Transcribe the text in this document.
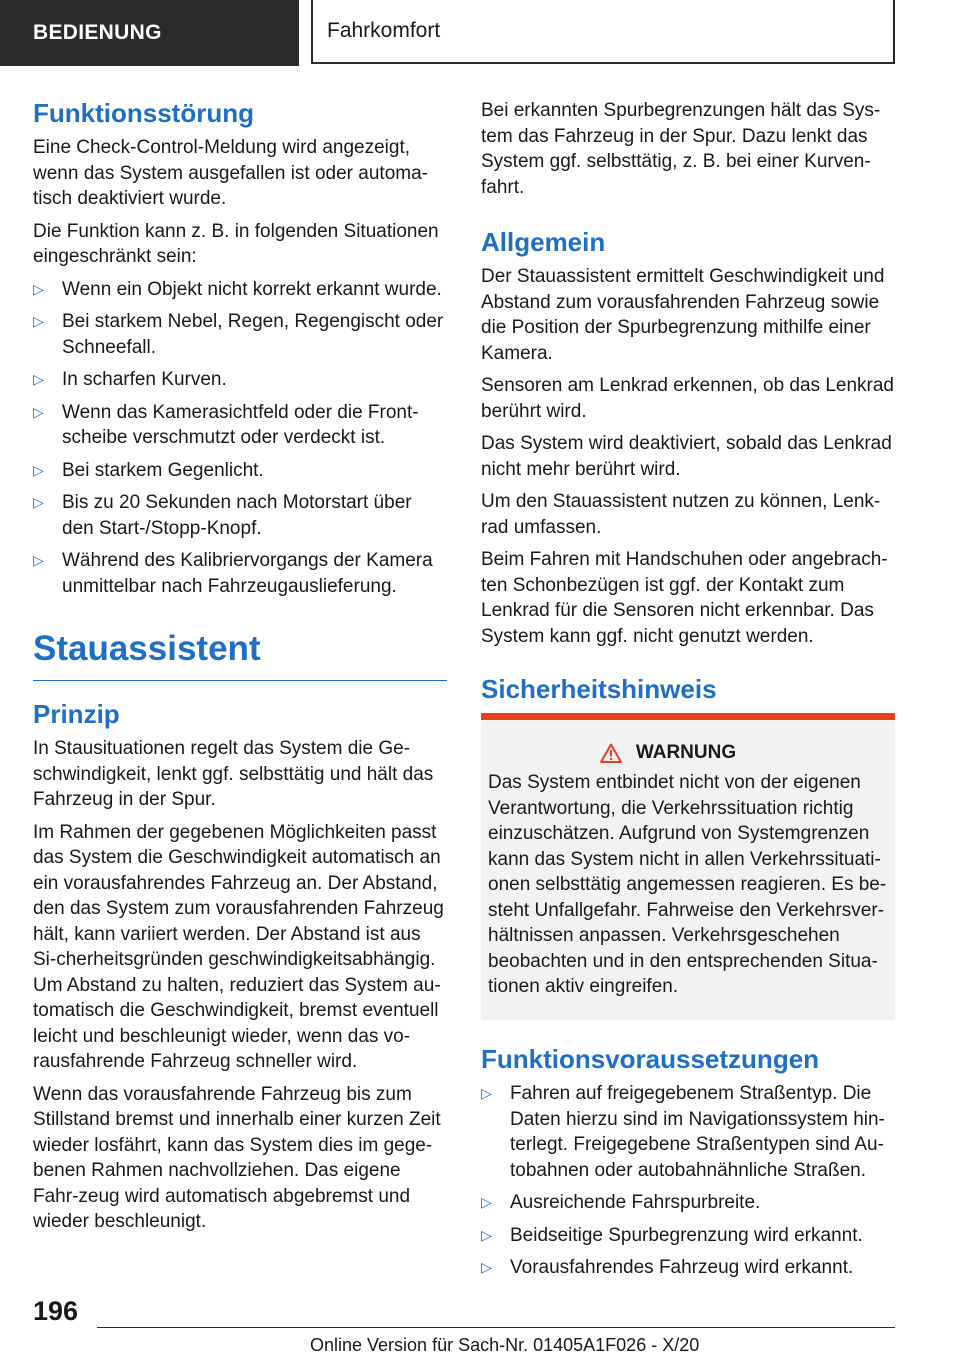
BEDIENUNG	Fahrkomfort
Funktionsstörung

Eine Check-Control-Meldung wird angezeigt, wenn das System ausgefallen ist oder automa-tisch deaktiviert wurde.

Die Funktion kann z. B. in folgenden Situationen eingeschränkt sein:

▷ Wenn ein Objekt nicht korrekt erkannt wurde.
▷ Bei starkem Nebel, Regen, Regengischt oder Schneefall.
▷ In scharfen Kurven.
▷ Wenn das Kamerasichtfeld oder die Front-scheibe verschmutzt oder verdeckt ist.
▷ Bei starkem Gegenlicht.
▷ Bis zu 20 Sekunden nach Motorstart über den Start-/Stopp-Knopf.
▷ Während des Kalibriervorgangs der Kamera unmittelbar nach Fahrzeugauslieferung.
Stauassistent
Prinzip

In Stausituationen regelt das System die Ge-schwindigkeit, lenkt ggf. selbsttätig und hält das Fahrzeug in der Spur.

Im Rahmen der gegebenen Möglichkeiten passt das System die Geschwindigkeit automatisch an ein vorausfahrendes Fahrzeug an. Der Abstand, den das System zum vorausfahrenden Fahrzeug hält, kann variiert werden. Der Abstand ist aus Si-cherheitsgründen geschwindigkeitsabhängig. Um Abstand zu halten, reduziert das System au-tomatisch die Geschwindigkeit, bremst eventuell leicht und beschleunigt wieder, wenn das vo-rausfahrende Fahrzeug schneller wird.

Wenn das vorausfahrende Fahrzeug bis zum Stillstand bremst und innerhalb einer kurzen Zeit wieder losfährt, kann das System dies im gege-benen Rahmen nachvollziehen. Das eigene Fahr-zeug wird automatisch abgebremst und wieder beschleunigt.

Bei erkannten Spurbegrenzungen hält das Sys-tem das Fahrzeug in der Spur. Dazu lenkt das System ggf. selbsttätig, z. B. bei einer Kurven-fahrt.

Allgemein

Der Stauassistent ermittelt Geschwindigkeit und Abstand zum vorausfahrenden Fahrzeug sowie die Position der Spurbegrenzung mithilfe einer Kamera.

Sensoren am Lenkrad erkennen, ob das Lenkrad berührt wird.

Das System wird deaktiviert, sobald das Lenkrad nicht mehr berührt wird.

Um den Stauassistent nutzen zu können, Lenk-rad umfassen.

Beim Fahren mit Handschuhen oder angebrach-ten Schonbezügen ist ggf. der Kontakt zum Lenkrad für die Sensoren nicht erkennbar. Das System kann ggf. nicht genutzt werden.

Sicherheitshinweis
WARNUNG

Das System entbindet nicht von der eigenen Verantwortung, die Verkehrssituation richtig einzuschätzen. Aufgrund von Systemgrenzen kann das System nicht in allen Verkehrssituati-onen selbsttätig angemessen reagieren. Es be-steht Unfallgefahr. Fahrweise den Verkehrsver-hältnissen anpassen. Verkehrsgeschehen beobachten und in den entsprechenden Situa-tionen aktiv eingreifen.

Funktionsvoraussetzungen
▷ Fahren auf freigegebenem Straßentyp. Die Daten hierzu sind im Navigationssystem hin-terlegt. Freigegebene Straßentypen sind Au-tobahnen oder autobahnähnliche Straßen.
▷ Ausreichende Fahrspurbreite.
▷ Beidseitige Spurbegrenzung wird erkannt.
▷ Vorausfahrendes Fahrzeug wird erkannt.
196
Online Version für Sach-Nr. 01405A1F026 - X/20
